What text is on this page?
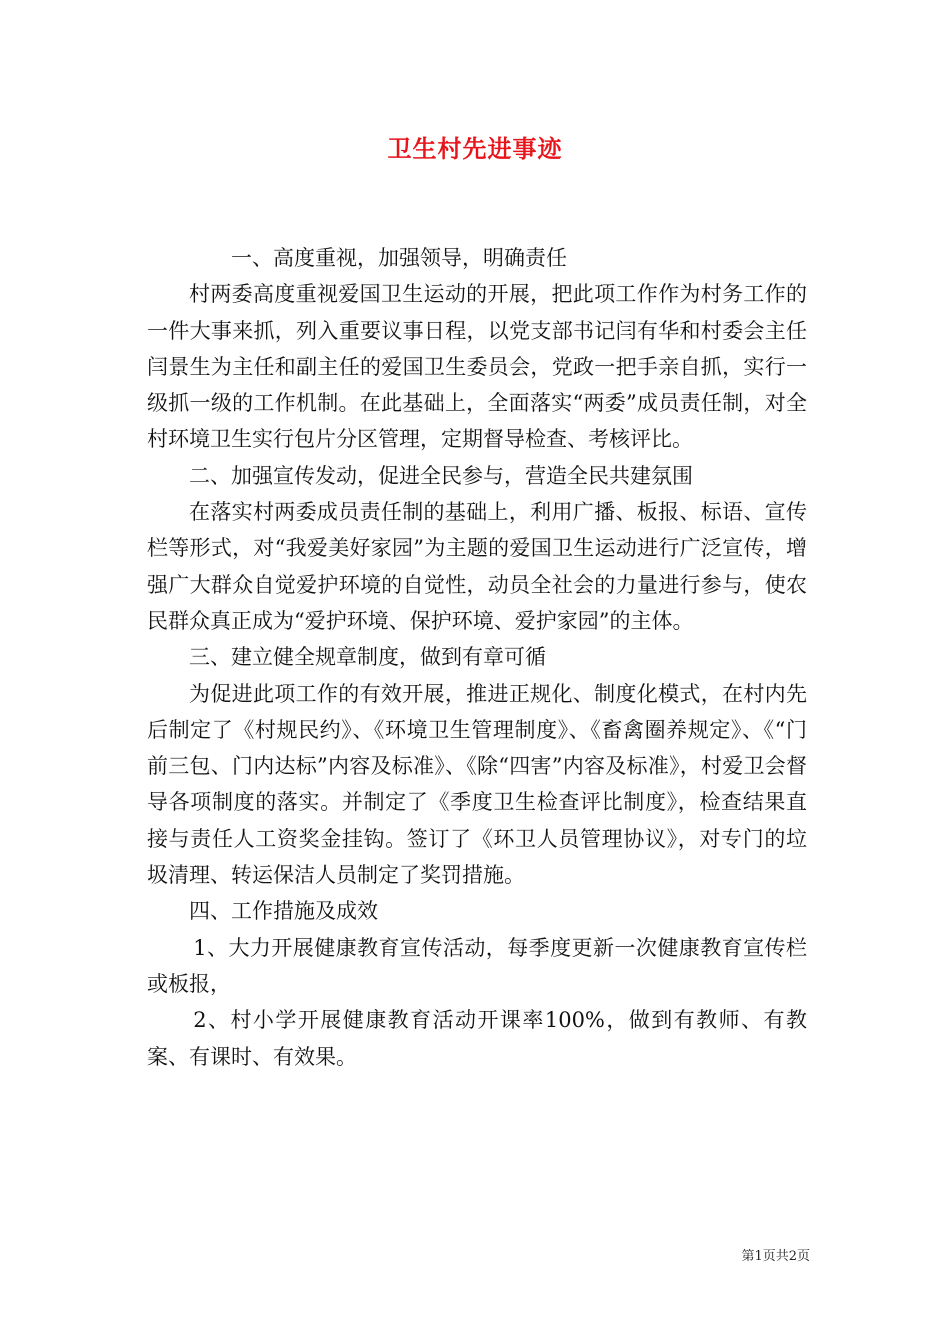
卫生村先进事迹

一、高度重视，加强领导，明确责任

村两委高度重视爱国卫生运动的开展，把此项工作作为村务工作的一件大事来抓，列入重要议事日程，以党支部书记闫有华和村委会主任闫景生为主任和副主任的爱国卫生委员会，党政一把手亲自抓，实行一级抓一级的工作机制。在此基础上，全面落实“两委”成员责任制，对全村环境卫生实行包片分区管理，定期督导检查、考核评比。

二、加强宣传发动，促进全民参与，营造全民共建氛围

在落实村两委成员责任制的基础上，利用广播、板报、标语、宣传栏等形式，对“我爱美好家园”为主题的爱国卫生运动进行广泛宣传，增强广大群众自觉爱护环境的自觉性，动员全社会的力量进行参与，使农民群众真正成为“爱护环境、保护环境、爱护家园”的主体。

三、建立健全规章制度，做到有章可循

为促进此项工作的有效开展，推进正规化、制度化模式，在村内先后制定了《村规民约》、《环境卫生管理制度》、《畜禽圈养规定》、《“门前三包、门内达标”内容及标准》、《除“四害”内容及标准》，村爱卫会督导各项制度的落实。并制定了《季度卫生检查评比制度》，检查结果直接与责任人工资奖金挂钩。签订了《环卫人员管理协议》，对专门的垃圾清理、转运保洁人员制定了奖罚措施。

四、工作措施及成效

1、大力开展健康教育宣传活动，每季度更新一次健康教育宣传栏或板报，

2、村小学开展健康教育活动开课率100%，做到有教师、有教案、有课时、有效果。

第1页共2页
